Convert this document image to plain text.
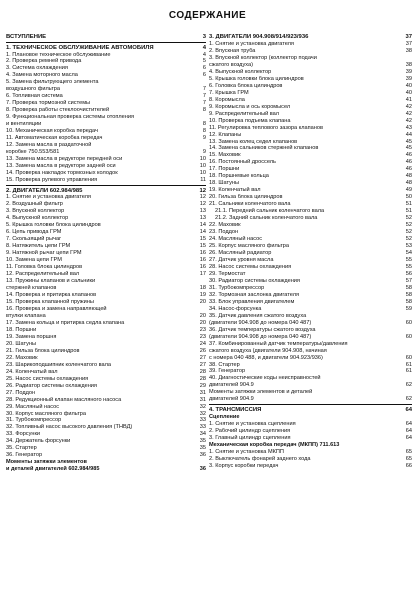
СОДЕРЖАНИЕ
ВСТУПЛЕНИЕ	3
1. ТЕХНИЧЕСКОЕ ОБСЛУЖИВАНИЕ АВТОМОБИЛЯ	4
1. Плановое техническое обслуживание	4
2. Проверка ремней привода	5
3. Система охлаждения	6
4. Замена моторного масла	6
5. Замена фильтрующего элемента
воздушного фильтра	7
6. Топливная система	7
7. Проверка тормозной системы	7
8. Проверка работы стеклоочистителей	8
9. Функциональная проверка системы отопления
и вентиляции	8
10. Механическая коробка передач	8
11. Автоматическая коробка передач	9
12. Замена масла в раздаточной
коробке 750.553/581	9
13. Замена масла в редукторе передней оси	10
13. Замена масла в редукторе задней оси	10
14. Проверка накладок тормозных колодок	10
15. Проверка рулевого управления	11
2. ДВИГАТЕЛИ 602.984/985	12
1. Снятие и установка двигателя	12
2. Воздушный фильтр	12
3. Впускной коллектор	13
4. Выпускной коллектор	13
5. Крышка головки блока цилиндров	14
6. Цепь привода ГРМ	14
7. Скользящий рычаг	15
8. Натяжитель цепи ГРМ	15
9. Натяжной рычаг цепи ГРМ	16
10. Замена цепи ГРМ	16
11. Головка блока цилиндров	16
12. Распределительный вал	17
13. Пружины клапанов и сальники
стержней клапанов	18
14. Проверка и притирка клапанов	19
15. Проверка клапанной пружины	20
16. Проверка и замена направляющей
втулки клапана	20
17. Замена кольца и притирка седла клапана	20
18. Поршни	23
19. Замена поршня	23
20. Шатуны	24
21. Гильза блока цилиндров	26
22. Маховик	27
23. Шарикоподшипник коленчатого вала	27
24. Коленчатый вал	28
25. Насос системы охлаждения	28
26. Радиатор системы охлаждения	29
27. Поддон	31
28. Редукционный клапан масляного насоса	31
29. Масляный насос	32
30. Корпус масляного фильтра	32
31. Турбокомпрессор	33
32. Топливный насос высокого давления (ТНВД)	33
33. Форсунки	34
34. Держатель форсунки	35
35. Стартер	35
36. Генератор	36
Моменты затяжки элементов
и деталей двигателей 602.984/985	36
3. ДВИГАТЕЛИ 904.908/914/923/936	37
1. Снятие и установка двигателя	37
2. Впускная труба	38
3. Впускной коллектор (коллектор подачи
сжатого воздуха)	38
4. Выпускной коллектор	39
5. Крышка головки блока цилиндров	39
6. Головка блока цилиндров	40
7. Крышка ГРМ	40
8. Коромысла	41
9. Коромысла и ось коромысел	42
9. Распределительный вал	42
10. Проверка подъема клапана	42
11. Регулировка теплового зазора клапанов	43
12. Клапаны	44
13. Замена колец седел клапанов	45
14. Замена сальников стержней клапанов	45
15. Маховик	46
16. Постоянный дроссель	46
17. Поршни	46
18. Поршневые кольца	48
18. Шатуны	48
19. Коленчатый вал	49
20. Гильза блока цилиндров	50
21. Сальники коленчатого вала	51
21.1. Передний сальник коленчатого вала	51
21.2. Задний сальник коленчатого вала	52
22. Маховик	52
23. Поддон	52
24. Масляный насос	52
25. Корпус масляного фильтра	53
26. Масляный радиатор	54
27. Датчик уровня масла	55
28. Насос системы охлаждения	55
29. Термостат	56
30. Радиатор системы охлаждения	57
31. Турбокомпрессор	58
32. Тормозная заслонка двигателя	58
33. Блок управления двигателем	58
34. Насос-форсунка	59
35. Датчик давления сжатого воздуха
(двигатели 904.908 до номера 040 487)	60
36. Датчик температуры сжатого воздуха
(двигатели 904.908 до номера 040 487)	60
37. Комбинированный датчик температуры/давления
сжатого воздуха (двигатели 904.908, начиная
с номера 040 488, и двигатели 904.923/936)	60
38. Стартер	61
39. Генератор	61
40. Диагностические коды неисправностей
двигателей 904.9	62
Моменты затяжки элементов и деталей
двигателей 904.9	62
4. ТРАНСМИССИЯ	64
Сцепление
1. Снятие и установка сцепления	64
2. Рабочий цилиндр сцепления	64
3. Главный цилиндр сцепления	64
Механическая коробка передач (МКПП) 711.613
1. Снятие и установка МКПП	65
2. Выключатель фонарей заднего хода	65
3. Корпус коробки передач	66
